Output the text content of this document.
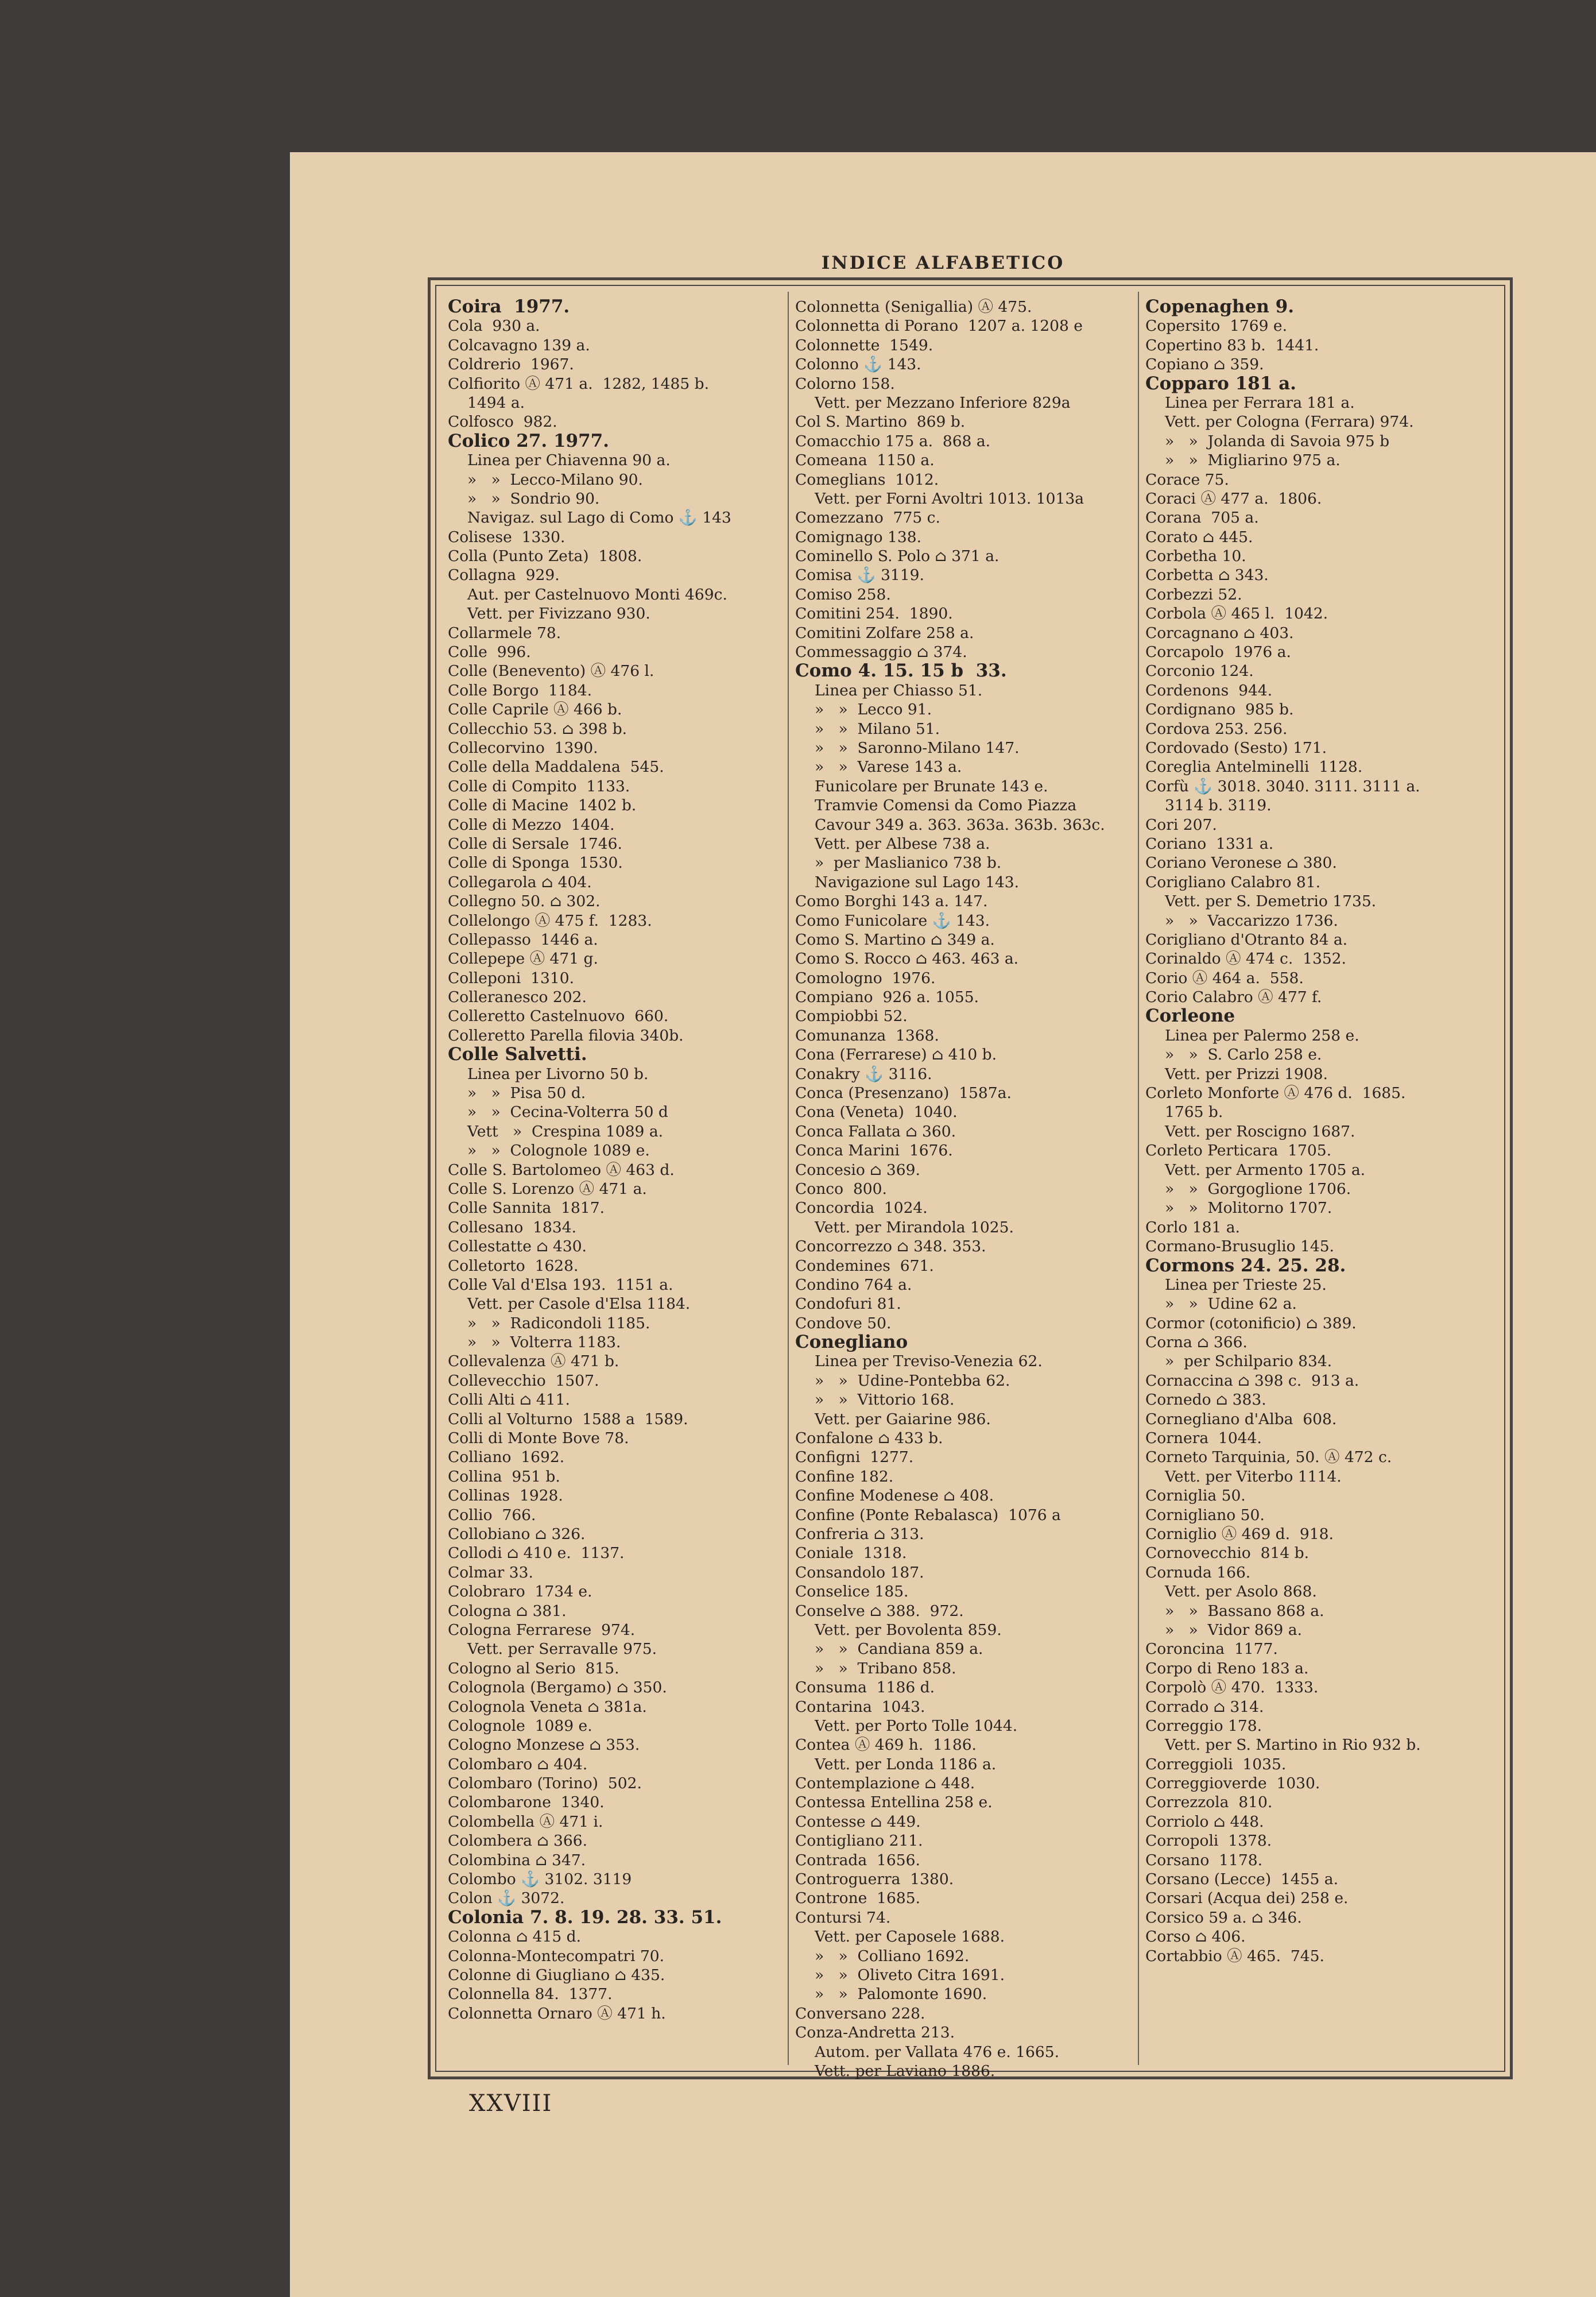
INDICE ALFABETICO
Coira  1977.
Cola  930 a.
Colcavagno 139 a.
Coldrerio  1967.
Colfiorito Ⓐ 471 a.  1282, 1485 b.
1494 a.
Colfosco  982.
Colico 27. 1977.
Linea per Chiavenna 90 a.
»   »  Lecco-Milano 90.
»   »  Sondrio 90.
Navigaz. sul Lago di Como ⚓ 143
Colisese  1330.
Colla (Punto Zeta)  1808.
Collagna  929.
Aut. per Castelnuovo Monti 469c.
Vett. per Fivizzano 930.
Collarmele 78.
Colle  996.
Colle (Benevento) Ⓐ 476 l.
Colle Borgo  1184.
Colle Caprile Ⓐ 466 b.
Collecchio 53. ⌂ 398 b.
Collecorvino  1390.
Colle della Maddalena  545.
Colle di Compito  1133.
Colle di Macine  1402 b.
Colle di Mezzo  1404.
Colle di Sersale  1746.
Colle di Sponga  1530.
Collegarola ⌂ 404.
Collegno 50. ⌂ 302.
Collelongo Ⓐ 475 f.  1283.
Collepasso  1446 a.
Collepepe Ⓐ 471 g.
Colleponi  1310.
Colleranesco 202.
Colleretto Castelnuovo  660.
Colleretto Parella filovia 340b.
Colle Salvetti.
Linea per Livorno 50 b.
»   »  Pisa 50 d.
»   »  Cecina-Volterra 50 d
Vett   »  Crespina 1089 a.
»   »  Colognole 1089 e.
Colle S. Bartolomeo Ⓐ 463 d.
Colle S. Lorenzo Ⓐ 471 a.
Colle Sannita  1817.
Collesano  1834.
Collestatte ⌂ 430.
Colletorto  1628.
Colle Val d'Elsa 193.  1151 a.
Vett. per Casole d'Elsa 1184.
»   »  Radicondoli 1185.
»   »  Volterra 1183.
Collevalenza Ⓐ 471 b.
Collevecchio  1507.
Colli Alti ⌂ 411.
Colli al Volturno  1588 a  1589.
Colli di Monte Bove 78.
Colliano  1692.
Collina  951 b.
Collinas  1928.
Collio  766.
Collobiano ⌂ 326.
Collodi ⌂ 410 e.  1137.
Colmar 33.
Colobraro  1734 e.
Cologna ⌂ 381.
Cologna Ferrarese  974.
Vett. per Serravalle 975.
Cologno al Serio  815.
Colognola (Bergamo) ⌂ 350.
Colognola Veneta ⌂ 381a.
Colognole  1089 e.
Cologno Monzese ⌂ 353.
Colombaro ⌂ 404.
Colombaro (Torino)  502.
Colombarone  1340.
Colombella Ⓐ 471 i.
Colombera ⌂ 366.
Colombina ⌂ 347.
Colombo ⚓ 3102. 3119
Colon ⚓ 3072.
Colonia 7. 8. 19. 28. 33. 51.
Colonna ⌂ 415 d.
Colonna-Montecompatri 70.
Colonne di Giugliano ⌂ 435.
Colonnella 84.  1377.
Colonnetta Ornaro Ⓐ 471 h.
Colonnetta (Senigallia) Ⓐ 475.
Colonnetta di Porano  1207 a. 1208 e
Colonnette  1549.
Colonno ⚓ 143.
Colorno 158.
Vett. per Mezzano Inferiore 829a
Col S. Martino  869 b.
Comacchio 175 a.  868 a.
Comeana  1150 a.
Comeglians  1012.
Vett. per Forni Avoltri 1013. 1013a
Comezzano  775 c.
Comignago 138.
Cominello S. Polo ⌂ 371 a.
Comisa ⚓ 3119.
Comiso 258.
Comitini 254.  1890.
Comitini Zolfare 258 a.
Commessaggio ⌂ 374.
Como 4. 15. 15 b  33.
Linea per Chiasso 51.
»   »  Lecco 91.
»   »  Milano 51.
»   »  Saronno-Milano 147.
»   »  Varese 143 a.
Funicolare per Brunate 143 e.
Tramvie Comensi da Como Piazza
Cavour 349 a. 363. 363a. 363b. 363c.
Vett. per Albese 738 a.
»  per Maslianico 738 b.
Navigazione sul Lago 143.
Como Borghi 143 a. 147.
Como Funicolare ⚓ 143.
Como S. Martino ⌂ 349 a.
Como S. Rocco ⌂ 463. 463 a.
Comologno  1976.
Compiano  926 a. 1055.
Compiobbi 52.
Comunanza  1368.
Cona (Ferrarese) ⌂ 410 b.
Conakry ⚓ 3116.
Conca (Presenzano)  1587a.
Cona (Veneta)  1040.
Conca Fallata ⌂ 360.
Conca Marini  1676.
Concesio ⌂ 369.
Conco  800.
Concordia  1024.
Vett. per Mirandola 1025.
Concorrezzo ⌂ 348. 353.
Condemines  671.
Condino 764 a.
Condofuri 81.
Condove 50.
Conegliano
Linea per Treviso-Venezia 62.
»   »  Udine-Pontebba 62.
»   »  Vittorio 168.
Vett. per Gaiarine 986.
Confalone ⌂ 433 b.
Configni  1277.
Confine 182.
Confine Modenese ⌂ 408.
Confine (Ponte Rebalasca)  1076 a
Confreria ⌂ 313.
Coniale  1318.
Consandolo 187.
Conselice 185.
Conselve ⌂ 388.  972.
Vett. per Bovolenta 859.
»   »  Candiana 859 a.
»   »  Tribano 858.
Consuma  1186 d.
Contarina  1043.
Vett. per Porto Tolle 1044.
Contea Ⓐ 469 h.  1186.
Vett. per Londa 1186 a.
Contemplazione ⌂ 448.
Contessa Entellina 258 e.
Contesse ⌂ 449.
Contigliano 211.
Contrada  1656.
Controguerra  1380.
Controne  1685.
Contursi 74.
Vett. per Caposele 1688.
»   »  Colliano 1692.
»   »  Oliveto Citra 1691.
»   »  Palomonte 1690.
Conversano 228.
Conza-Andretta 213.
Autom. per Vallata 476 e. 1665.
Vett. per Laviano 1886.
Copenaghen 9.
Copersito  1769 e.
Copertino 83 b.  1441.
Copiano ⌂ 359.
Copparo 181 a.
Linea per Ferrara 181 a.
Vett. per Cologna (Ferrara) 974.
»   »  Jolanda di Savoia 975 b
»   »  Migliarino 975 a.
Corace 75.
Coraci Ⓐ 477 a.  1806.
Corana  705 a.
Corato ⌂ 445.
Corbetha 10.
Corbetta ⌂ 343.
Corbezzi 52.
Corbola Ⓐ 465 l.  1042.
Corcagnano ⌂ 403.
Corcapolo  1976 a.
Corconio 124.
Cordenons  944.
Cordignano  985 b.
Cordova 253. 256.
Cordovado (Sesto) 171.
Coreglia Antelminelli  1128.
Corfù ⚓ 3018. 3040. 3111. 3111 a.
3114 b. 3119.
Cori 207.
Coriano  1331 a.
Coriano Veronese ⌂ 380.
Corigliano Calabro 81.
Vett. per S. Demetrio 1735.
»   »  Vaccarizzo 1736.
Corigliano d'Otranto 84 a.
Corinaldo Ⓐ 474 c.  1352.
Corio Ⓐ 464 a.  558.
Corio Calabro Ⓐ 477 f.
Corleone
Linea per Palermo 258 e.
»   »  S. Carlo 258 e.
Vett. per Prizzi 1908.
Corleto Monforte Ⓐ 476 d.  1685.
1765 b.
Vett. per Roscigno 1687.
Corleto Perticara  1705.
Vett. per Armento 1705 a.
»   »  Gorgoglione 1706.
»   »  Molitorno 1707.
Corlo 181 a.
Cormano-Brusuglio 145.
Cormons 24. 25. 28.
Linea per Trieste 25.
»   »  Udine 62 a.
Cormor (cotonificio) ⌂ 389.
Corna ⌂ 366.
»  per Schilpario 834.
Cornaccina ⌂ 398 c.  913 a.
Cornedo ⌂ 383.
Cornegliano d'Alba  608.
Cornera  1044.
Corneto Tarquinia, 50. Ⓐ 472 c.
Vett. per Viterbo 1114.
Corniglia 50.
Cornigliano 50.
Corniglio Ⓐ 469 d.  918.
Cornovecchio  814 b.
Cornuda 166.
Vett. per Asolo 868.
»   »  Bassano 868 a.
»   »  Vidor 869 a.
Coroncina  1177.
Corpo di Reno 183 a.
Corpolò Ⓐ 470.  1333.
Corrado ⌂ 314.
Correggio 178.
Vett. per S. Martino in Rio 932 b.
Correggioli  1035.
Correggioverde  1030.
Correzzola  810.
Corriolo ⌂ 448.
Corropoli  1378.
Corsano  1178.
Corsano (Lecce)  1455 a.
Corsari (Acqua dei) 258 e.
Corsico 59 a. ⌂ 346.
Corso ⌂ 406.
Cortabbio Ⓐ 465.  745.
XXVIII
